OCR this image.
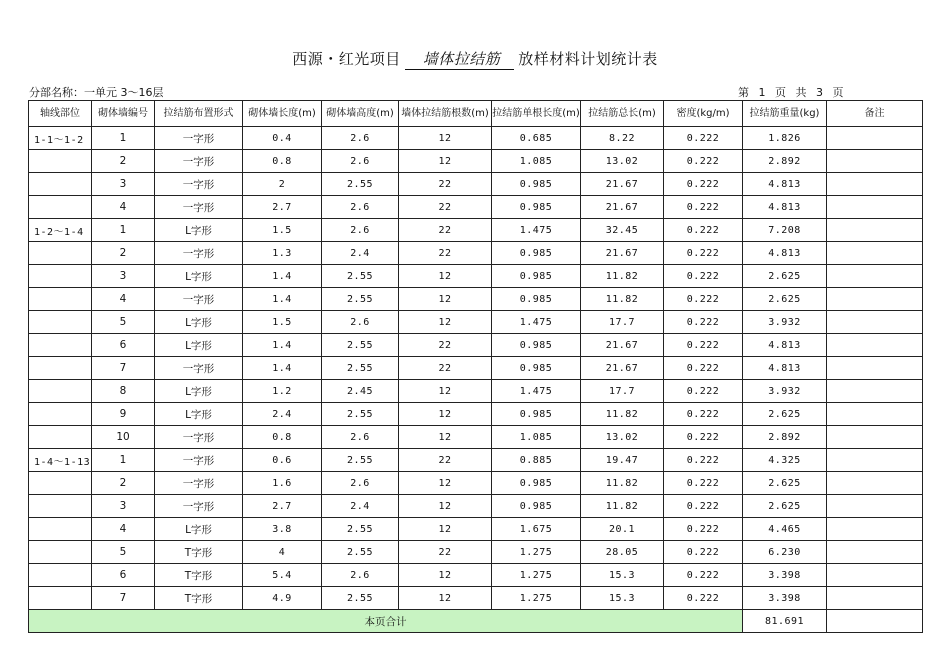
西源・红光项目 墙体拉结筋 放样材料计划统计表
分部名称：一单元 3～16层	第 1 页 共 3 页
轴线部位	砌体墙编号	拉结筋布置形式	砌体墙长度(m)	砌体墙高度(m)	墙体拉结筋根数(m)	拉结筋单根长度(m)	拉结筋总长(m)	密度(kg/m)	拉结筋重量(kg)	备注
1-1～1-2	1	一字形	0.4	2.6	12	0.685	8.22	0.222	1.826	
	2	一字形	0.8	2.6	12	1.085	13.02	0.222	2.892	
	3	一字形	2	2.55	22	0.985	21.67	0.222	4.813	
	4	一字形	2.7	2.6	22	0.985	21.67	0.222	4.813	
1-2～1-4	1	L字形	1.5	2.6	22	1.475	32.45	0.222	7.208	
	2	一字形	1.3	2.4	22	0.985	21.67	0.222	4.813	
	3	L字形	1.4	2.55	12	0.985	11.82	0.222	2.625	
	4	一字形	1.4	2.55	12	0.985	11.82	0.222	2.625	
	5	L字形	1.5	2.6	12	1.475	17.7	0.222	3.932	
	6	L字形	1.4	2.55	22	0.985	21.67	0.222	4.813	
	7	一字形	1.4	2.55	22	0.985	21.67	0.222	4.813	
	8	L字形	1.2	2.45	12	1.475	17.7	0.222	3.932	
	9	L字形	2.4	2.55	12	0.985	11.82	0.222	2.625	
	10	一字形	0.8	2.6	12	1.085	13.02	0.222	2.892	
1-4～1-13	1	一字形	0.6	2.55	22	0.885	19.47	0.222	4.325	
	2	一字形	1.6	2.6	12	0.985	11.82	0.222	2.625	
	3	一字形	2.7	2.4	12	0.985	11.82	0.222	2.625	
	4	L字形	3.8	2.55	12	1.675	20.1	0.222	4.465	
	5	T字形	4	2.55	22	1.275	28.05	0.222	6.230	
	6	T字形	5.4	2.6	12	1.275	15.3	0.222	3.398	
	7	T字形	4.9	2.55	12	1.275	15.3	0.222	3.398	
本页合计									81.691	
